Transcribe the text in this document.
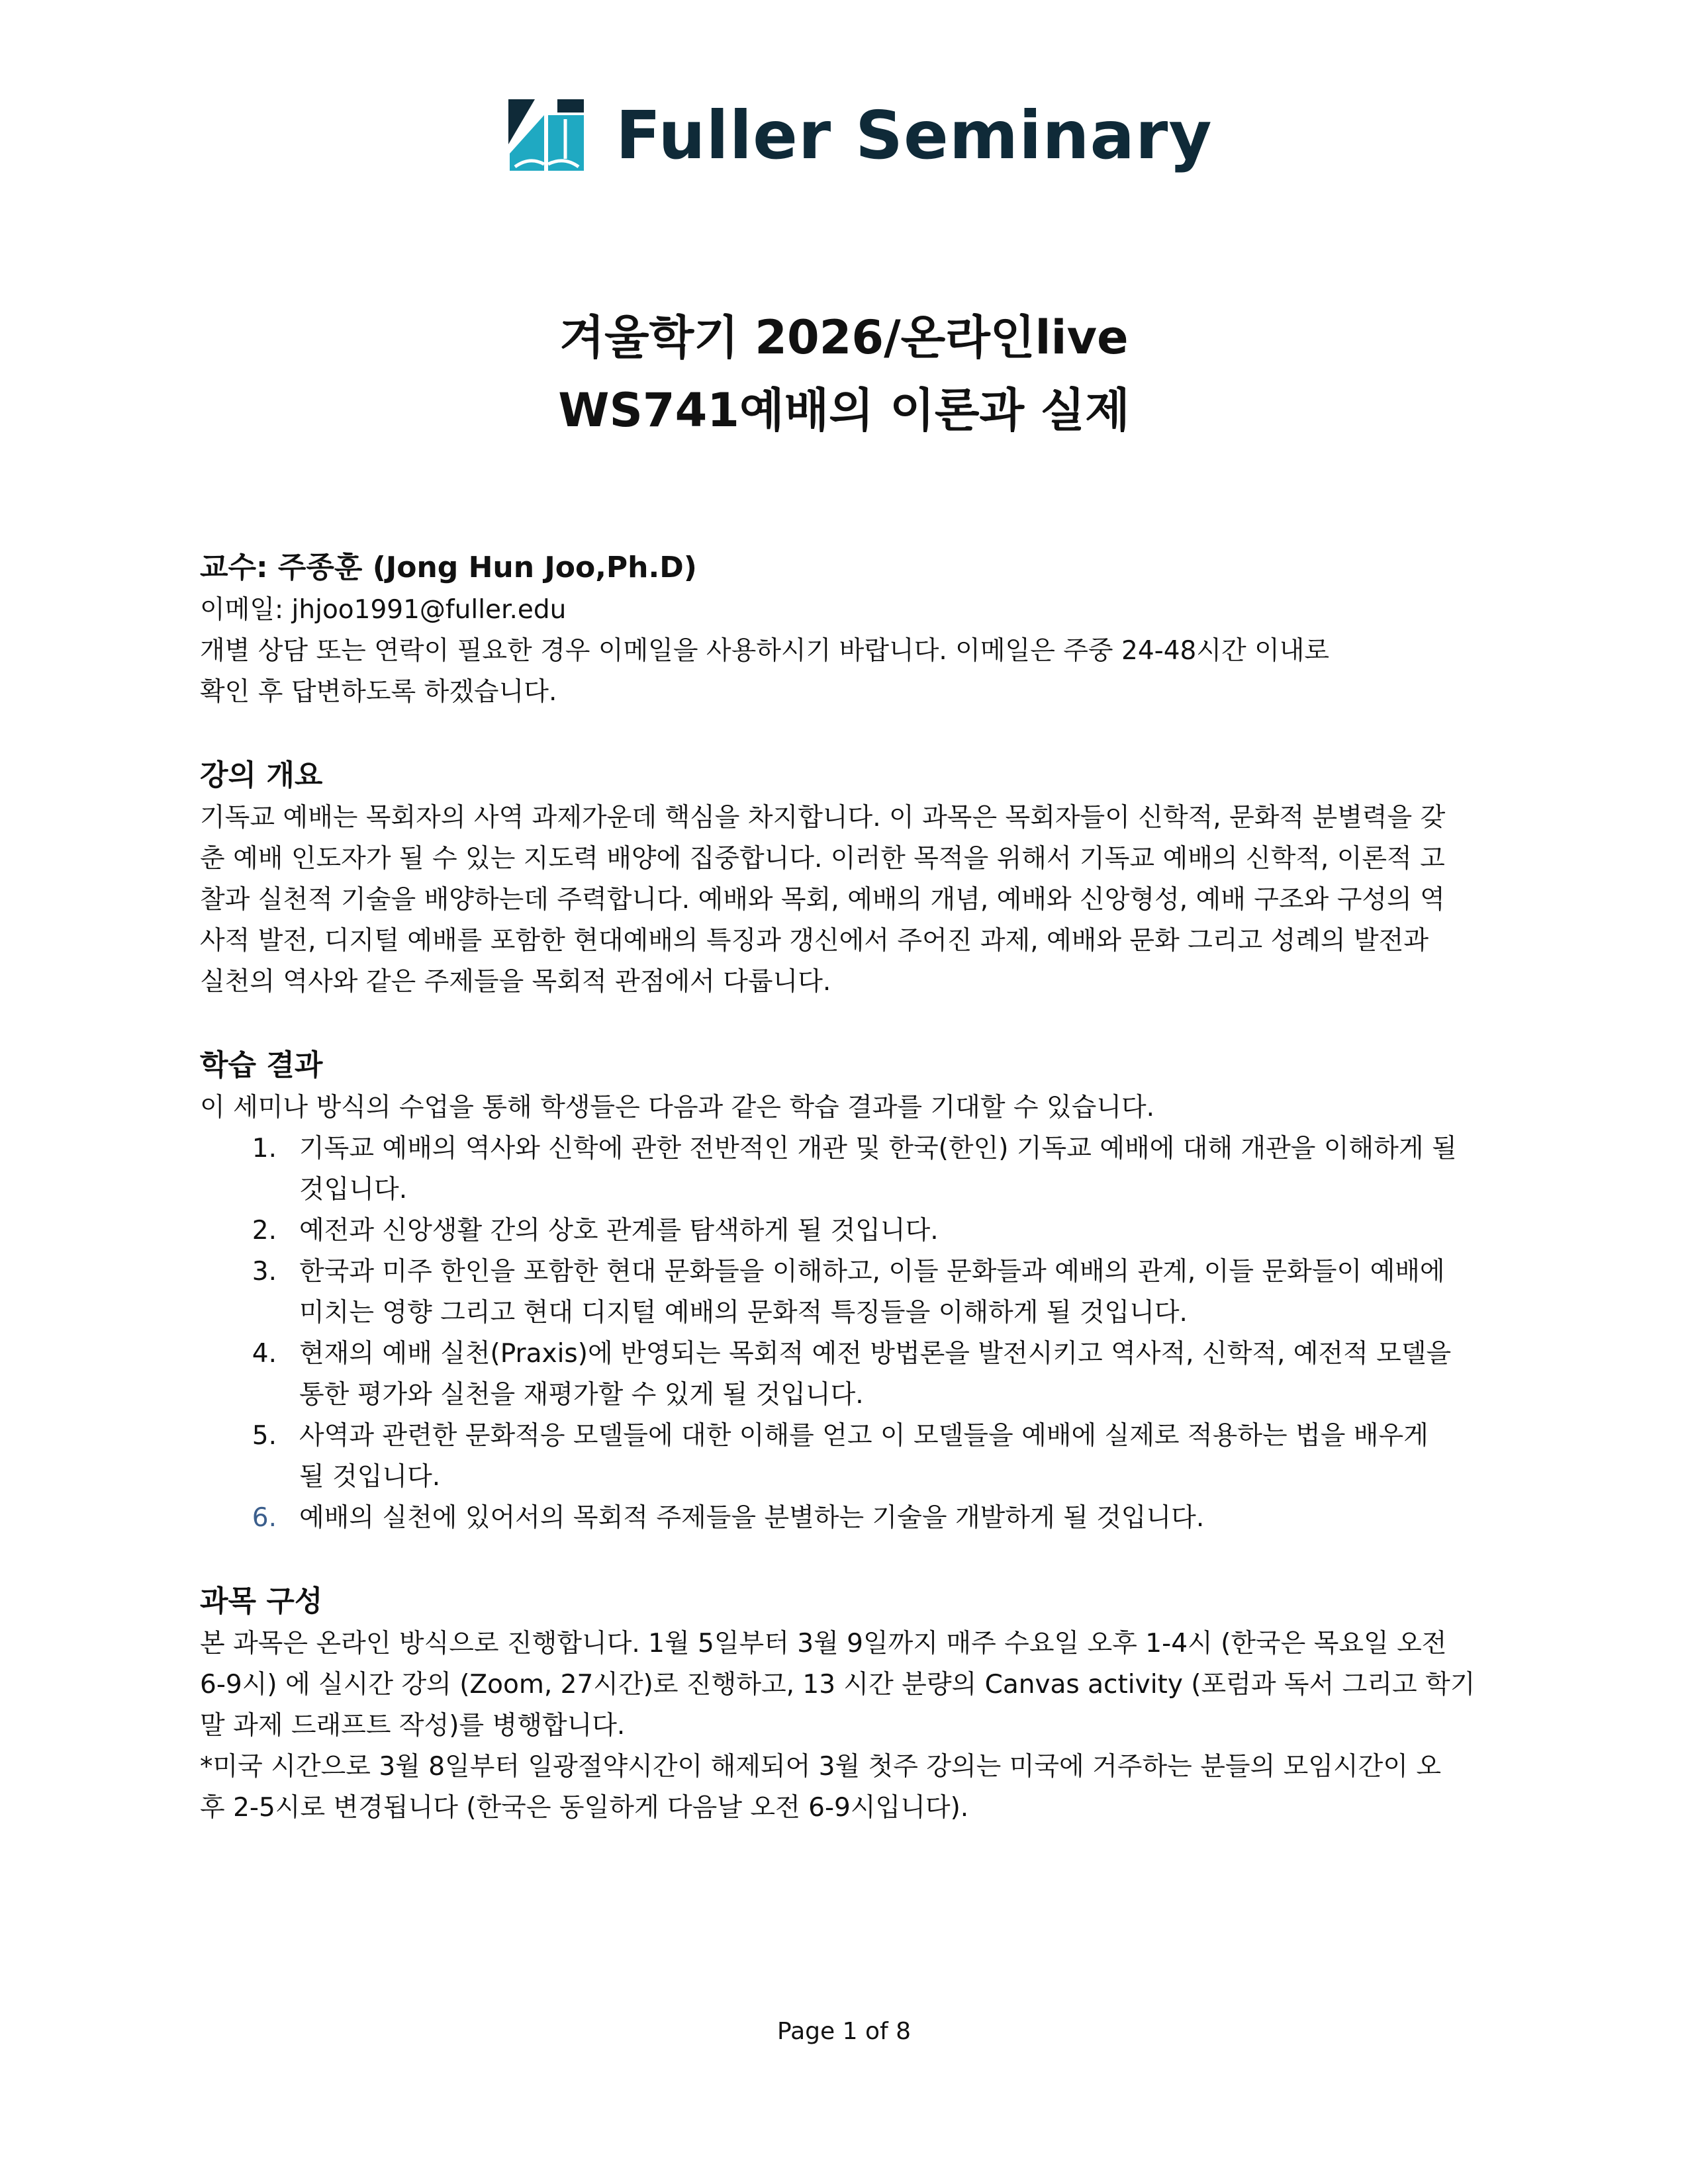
Fuller Seminary
겨울학기 2026/온라인live
WS741예배의 이론과 실제
교수: 주종훈 (Jong Hun Joo,Ph.D)
이메일: jhjoo1991@fuller.edu
개별 상담 또는 연락이 필요한 경우 이메일을 사용하시기 바랍니다. 이메일은 주중 24-48시간 이내로
확인 후 답변하도록 하겠습니다.
강의 개요
기독교 예배는 목회자의 사역 과제가운데 핵심을 차지합니다. 이 과목은 목회자들이 신학적, 문화적 분별력을 갖
춘 예배 인도자가 될 수 있는 지도력 배양에 집중합니다. 이러한 목적을 위해서 기독교 예배의 신학적, 이론적 고
찰과 실천적 기술을 배양하는데 주력합니다. 예배와 목회, 예배의 개념, 예배와 신앙형성, 예배 구조와 구성의 역
사적 발전, 디지털 예배를 포함한 현대예배의 특징과 갱신에서 주어진 과제, 예배와 문화 그리고 성례의 발전과
실천의 역사와 같은 주제들을 목회적 관점에서 다룹니다.
학습 결과
이 세미나 방식의 수업을 통해 학생들은 다음과 같은 학습 결과를 기대할 수 있습니다.
1. 기독교 예배의 역사와 신학에 관한 전반적인 개관 및 한국(한인) 기독교 예배에 대해 개관을 이해하게 될
것입니다.
2. 예전과 신앙생활 간의 상호 관계를 탐색하게 될 것입니다.
3. 한국과 미주 한인을 포함한 현대 문화들을 이해하고, 이들 문화들과 예배의 관계, 이들 문화들이 예배에
미치는 영향 그리고 현대 디지털 예배의 문화적 특징들을 이해하게 될 것입니다.
4. 현재의 예배 실천(Praxis)에 반영되는 목회적 예전 방법론을 발전시키고 역사적, 신학적, 예전적 모델을
통한 평가와 실천을 재평가할 수 있게 될 것입니다.
5. 사역과 관련한 문화적응 모델들에 대한 이해를 얻고 이 모델들을 예배에 실제로 적용하는 법을 배우게
될 것입니다.
6. 예배의 실천에 있어서의 목회적 주제들을 분별하는 기술을 개발하게 될 것입니다.
과목 구성
본 과목은 온라인 방식으로 진행합니다. 1월 5일부터 3월 9일까지 매주 수요일 오후 1-4시 (한국은 목요일 오전
6-9시) 에 실시간 강의 (Zoom, 27시간)로 진행하고, 13 시간 분량의 Canvas activity (포럼과 독서 그리고 학기
말 과제 드래프트 작성)를 병행합니다.
*미국 시간으로 3월 8일부터 일광절약시간이 해제되어 3월 첫주 강의는 미국에 거주하는 분들의 모임시간이 오
후 2-5시로 변경됩니다 (한국은 동일하게 다음날 오전 6-9시입니다).
Page 1 of 8
